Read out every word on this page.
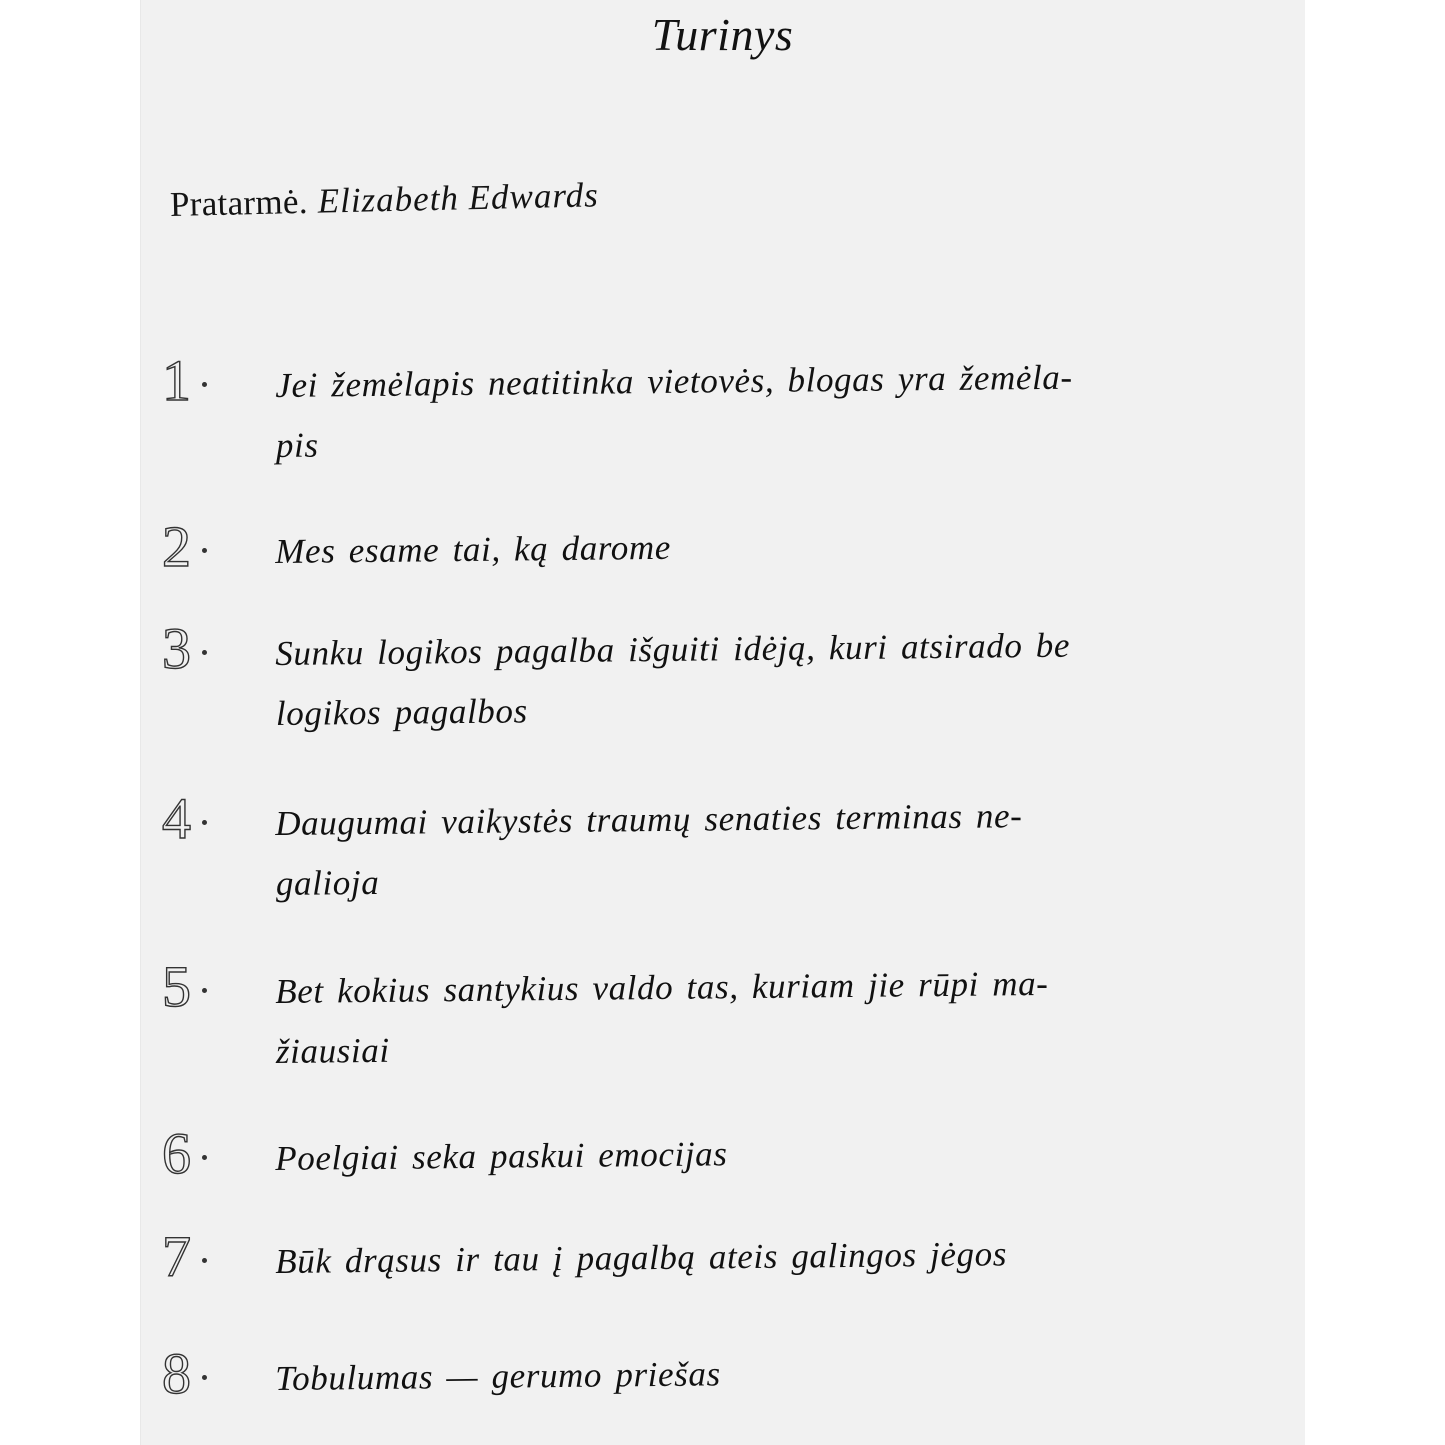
Turinys
Pratarmė. Elizabeth Edwards
1 Jei žemėlapis neatitinka vietovės, blogas yra žemėla-
pis
2 Mes esame tai, ką darome
3 Sunku logikos pagalba išguiti idėją, kuri atsirado be
logikos pagalbos
4 Daugumai vaikystės traumų senaties terminas ne-
galioja
5 Bet kokius santykius valdo tas, kuriam jie rūpi ma-
žiausiai
6 Poelgiai seka paskui emocijas
7 Būk drąsus ir tau į pagalbą ateis galingos jėgos
8 Tobulumas — gerumo priešas
